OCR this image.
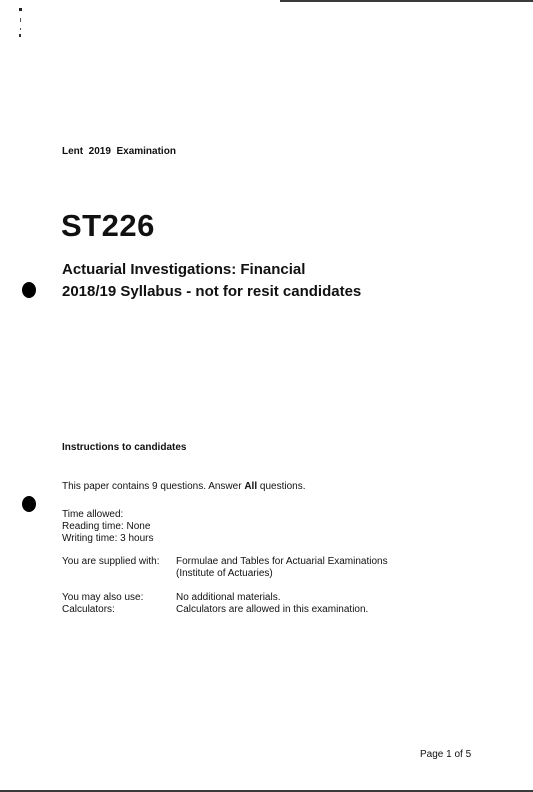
Lent  2019  Examination
ST226
Actuarial Investigations: Financial
2018/19 Syllabus - not for resit candidates
Instructions to candidates
This paper contains 9 questions. Answer All questions.
Time allowed:
Reading time: None
Writing time: 3 hours
You are supplied with: Formulae and Tables for Actuarial Examinations
(Institute of Actuaries)
You may also use:	No additional materials.
Calculators:	Calculators are allowed in this examination.
Page 1 of 5
